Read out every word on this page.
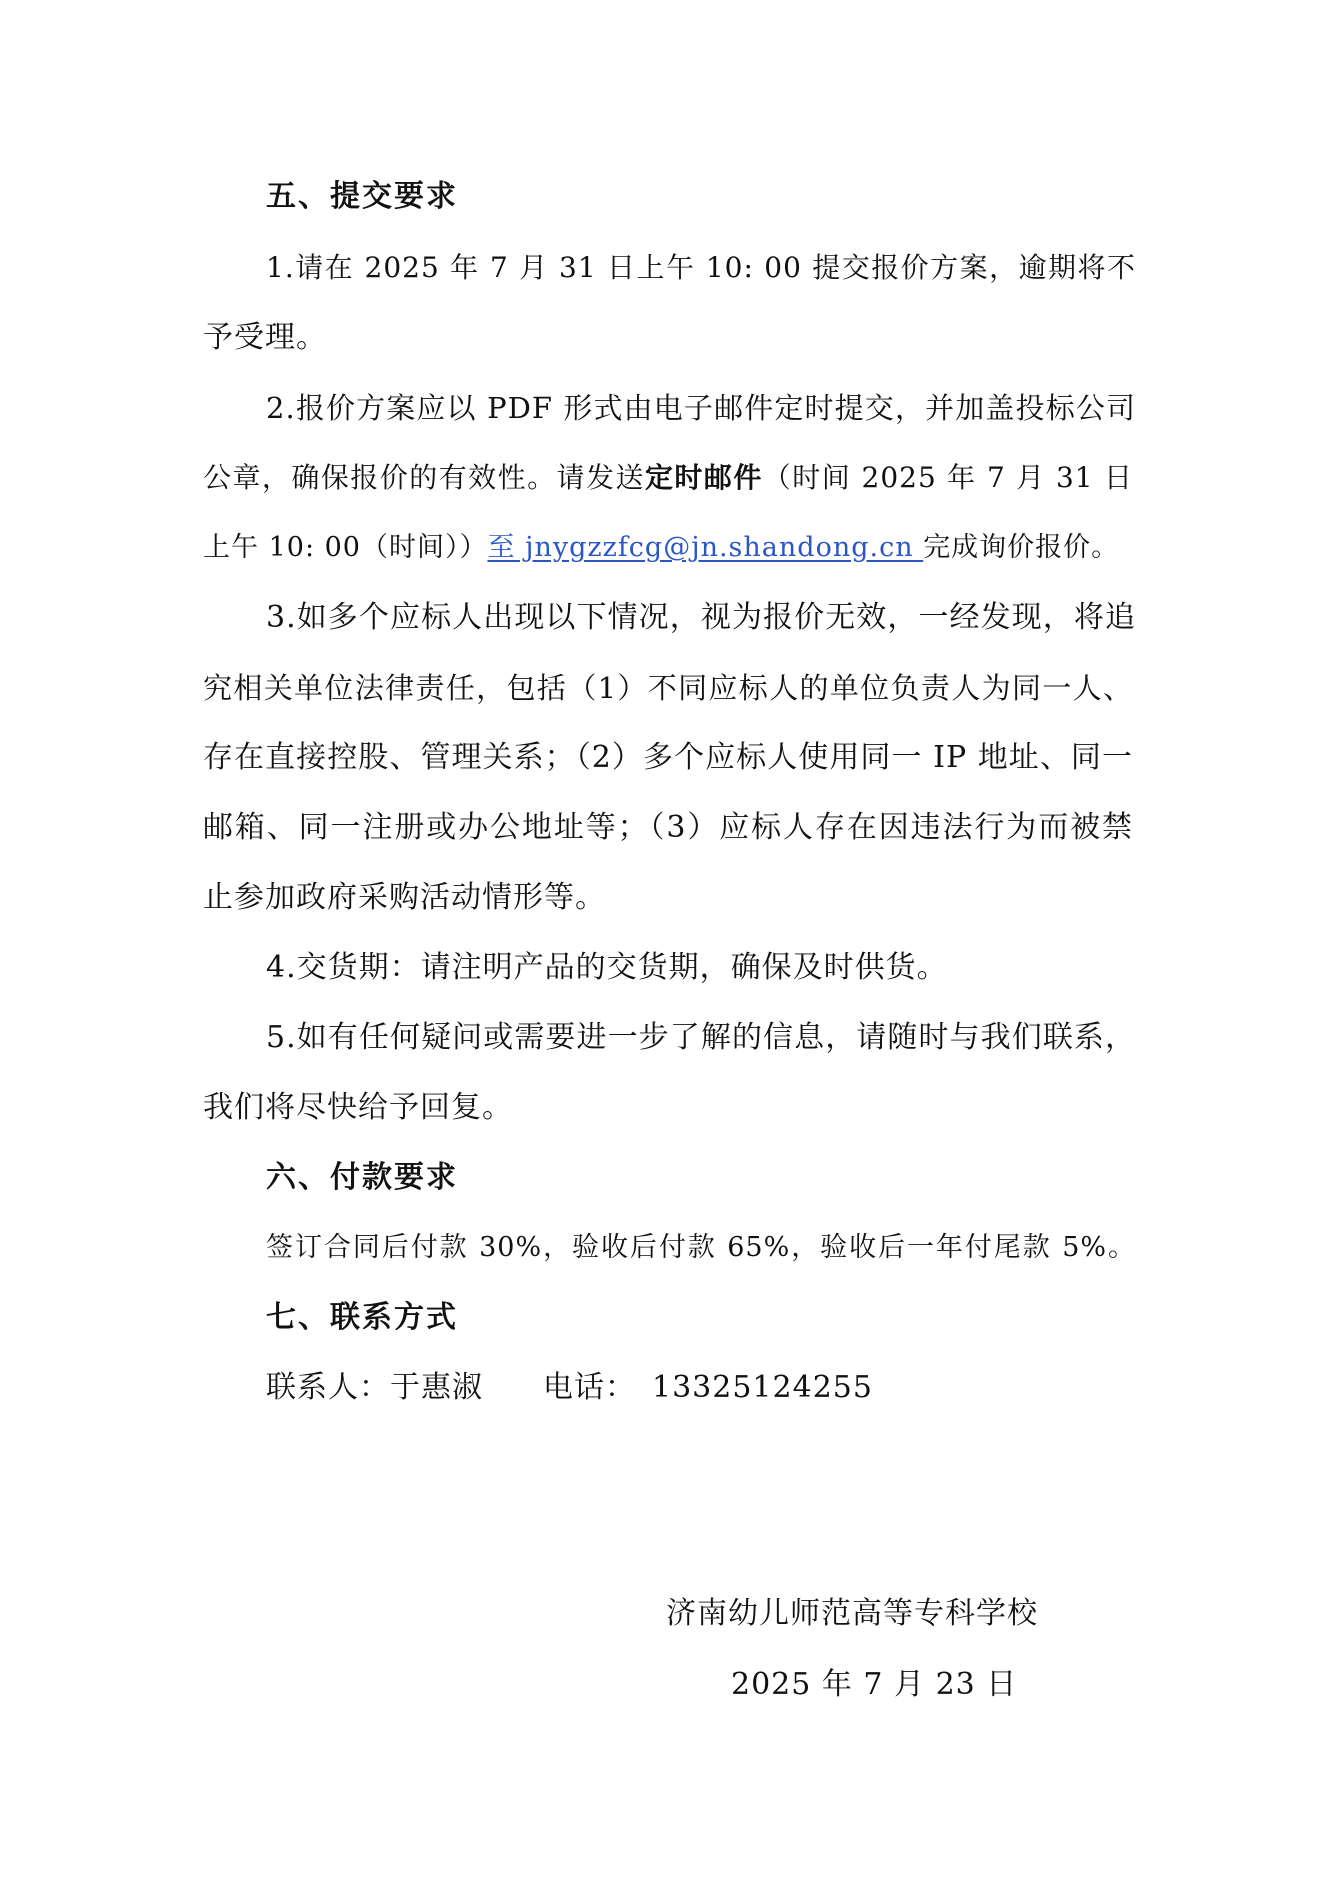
五、提交要求
1.请在 2025 年 7 月 31 日上午 10: 00 提交报价方案，逾期将不
予受理。
2.报价方案应以 PDF 形式由电子邮件定时提交，并加盖投标公司
公章，确保报价的有效性。请发送定时邮件（时间 2025 年 7 月 31 日
上午 10: 00（时间））至 jnygzzfcg@jn.shandong.cn 完成询价报价。
3.如多个应标人出现以下情况，视为报价无效，一经发现，将追
究相关单位法律责任，包括（1）不同应标人的单位负责人为同一人、
存在直接控股、管理关系；（2）多个应标人使用同一 IP 地址、同一
邮箱、同一注册或办公地址等；（3）应标人存在因违法行为而被禁
止参加政府采购活动情形等。
4.交货期：请注明产品的交货期，确保及时供货。
5.如有任何疑问或需要进一步了解的信息，请随时与我们联系，
我们将尽快给予回复。
六、付款要求
签订合同后付款 30%，验收后付款 65%，验收后一年付尾款 5%。
七、联系方式
联系人：于惠淑 电话： 13325124255
济南幼儿师范高等专科学校
2025 年 7 月 23 日
